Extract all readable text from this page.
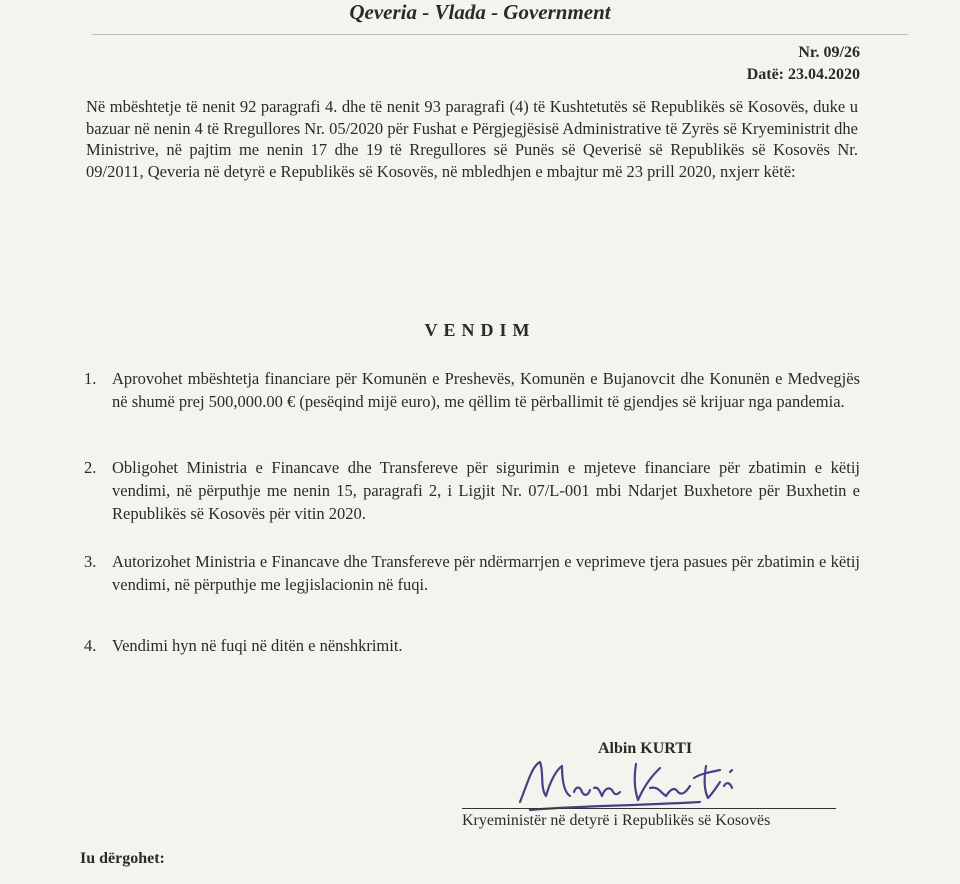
Qeveria - Vlada - Government
Nr. 09/26
Datë: 23.04.2020
Në mbështetje të nenit 92 paragrafi 4. dhe të nenit 93 paragrafi (4) të Kushtetutës së Republikës së Kosovës, duke u bazuar në nenin 4 të Rregullores Nr. 05/2020 për Fushat e Përgjegjësisë Administrative të Zyrës së Kryeministrit dhe Ministrive, në pajtim me nenin 17 dhe 19 të Rregullores së Punës së Qeverisë së Republikës së Kosovës Nr. 09/2011, Qeveria në detyrë e Republikës së Kosovës, në mbledhjen e mbajtur më 23 prill 2020, nxjerr këtë:
VENDIM
1. Aprovohet mbështetja financiare për Komunën e Preshevës, Komunën e Bujanovcit dhe Konunën e Medvegjës në shumë prej 500,000.00 € (pesëqind mijë euro), me qëllim të përballimit të gjendjes së krijuar nga pandemia.
2. Obligohet Ministria e Financave dhe Transfereve për sigurimin e mjeteve financiare për zbatimin e këtij vendimi, në përputhje me nenin 15, paragrafi 2, i Ligjit Nr. 07/L-001 mbi Ndarjet Buxhetore për Buxhetin e Republikës së Kosovës për vitin 2020.
3. Autorizohet Ministria e Financave dhe Transfereve për ndërmarrjen e veprimeve tjera pasues për zbatimin e këtij vendimi, në përputhje me legjislacionin në fuqi.
4. Vendimi hyn në fuqi në ditën e nënshkrimit.
Albin KURTI
Kryeministër në detyrë i Republikës së Kosovës
Iu dërgohet:
